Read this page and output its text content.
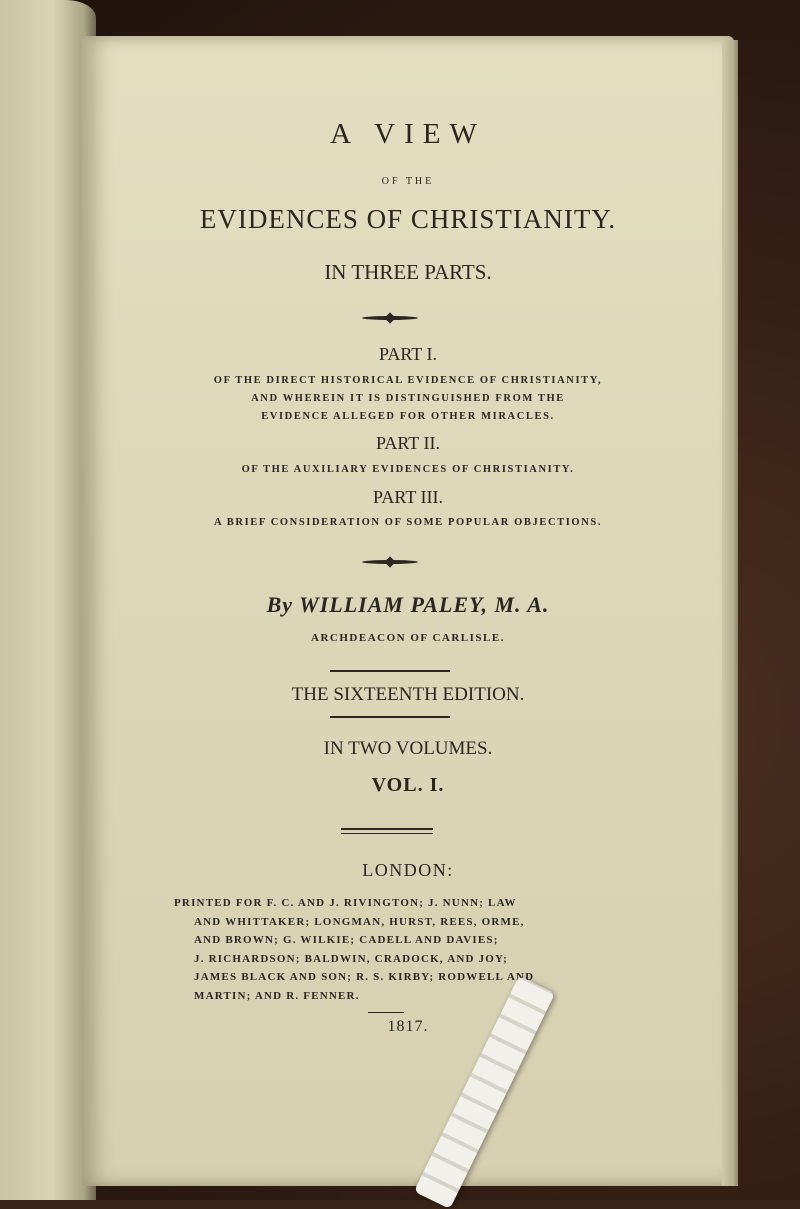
A VIEW
OF THE
EVIDENCES OF CHRISTIANITY.
IN THREE PARTS.
PART I.
OF THE DIRECT HISTORICAL EVIDENCE OF CHRISTIANITY,
AND WHEREIN IT IS DISTINGUISHED FROM THE
EVIDENCE ALLEGED FOR OTHER MIRACLES.
PART II.
OF THE AUXILIARY EVIDENCES OF CHRISTIANITY.
PART III.
A BRIEF CONSIDERATION OF SOME POPULAR OBJECTIONS.
By WILLIAM PALEY, M. A.
ARCHDEACON OF CARLISLE.
THE SIXTEENTH EDITION.
IN TWO VOLUMES.
VOL. I.
LONDON:
PRINTED FOR F. C. AND J. RIVINGTON; J. NUNN; LAW
AND WHITTAKER; LONGMAN, HURST, REES, ORME,
AND BROWN; G. WILKIE; CADELL AND DAVIES;
J. RICHARDSON; BALDWIN, CRADOCK, AND JOY;
JAMES BLACK AND SON; R. S. KIRBY; RODWELL AND
MARTIN; AND R. FENNER.
1817.
